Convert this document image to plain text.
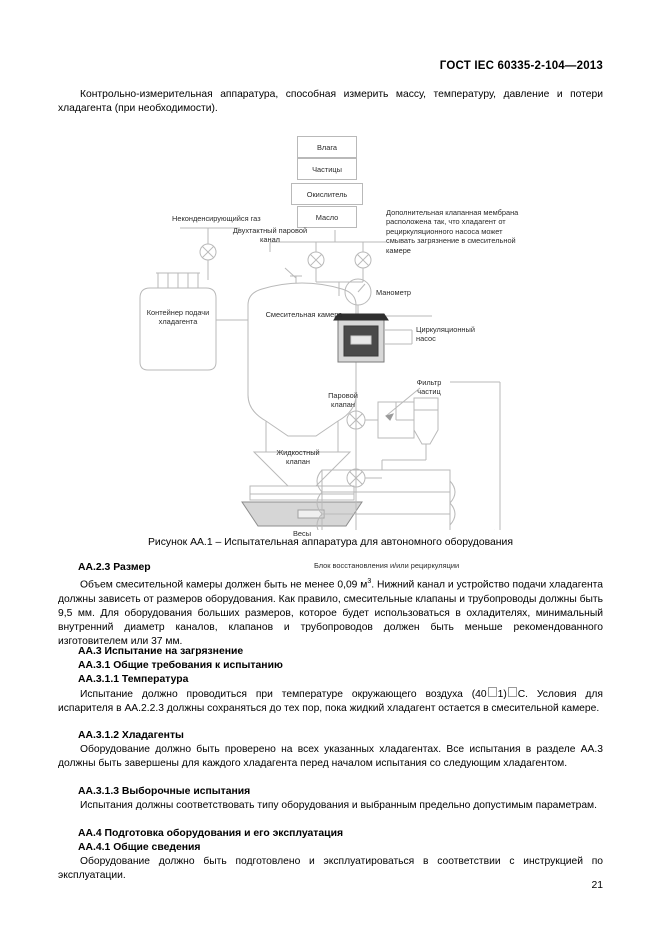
ГОСТ IEC 60335-2-104—2013
Контрольно-измерительная аппаратура, способная измерить массу, температуру, давление и потери хладагента (при необходимости).
Влага
Частицы
Окислитель
Масло	Дополнительная клапанная мембрана расположена так, что хладагент от рециркуляционного насоса может смывать загрязнение в смесительной камере
Неконденсирующийся газ
Двухтактный паровой канал
Контейнер подачи хладагента
Смесительная камера
Манометр
Циркуляционный насос
Весы
Паровой клапан
Фильтр частиц
Жидкостный клапан
Блок восстановления и/или рециркуляции
Рисунок АА.1 – Испытательная аппаратура для автономного оборудования
АА.2.3 Размер
Объем смесительной камеры должен быть не менее 0,09 $м^3$. Нижний канал и устройство подачи хладагента должны зависеть от размеров оборудования. Как правило, смесительные клапаны и трубопроводы должны быть 9,5 мм. Для оборудования больших размеров, которое будет использоваться в охладителях, минимальный внутренний диаметр каналов, клапанов и трубопроводов должен быть меньше рекомендованного изготовителем или 37 мм.
АА.3 Испытание на загрязнение
АА.3.1 Общие требования к испытанию
АА.3.1.1 Температура
Испытание должно проводиться при температуре окружающего воздуха (40 1) С. Условия для испарителя в АА.2.2.3 должны сохраняться до тех пор, пока жидкий хладагент остается в смесительной камере.
АА.3.1.2 Хладагенты
Оборудование должно быть проверено на всех указанных хладагентах. Все испытания в разделе АА.3 должны быть завершены для каждого хладагента перед началом испытания со следующим хладагентом.
АА.3.1.3 Выборочные испытания
Испытания должны соответствовать типу оборудования и выбранным предельно допустимым параметрам.
АА.4 Подготовка оборудования и его эксплуатация
АА.4.1 Общие сведения
Оборудование должно быть подготовлено и эксплуатироваться в соответствии с инструкцией по эксплуатации.
21
